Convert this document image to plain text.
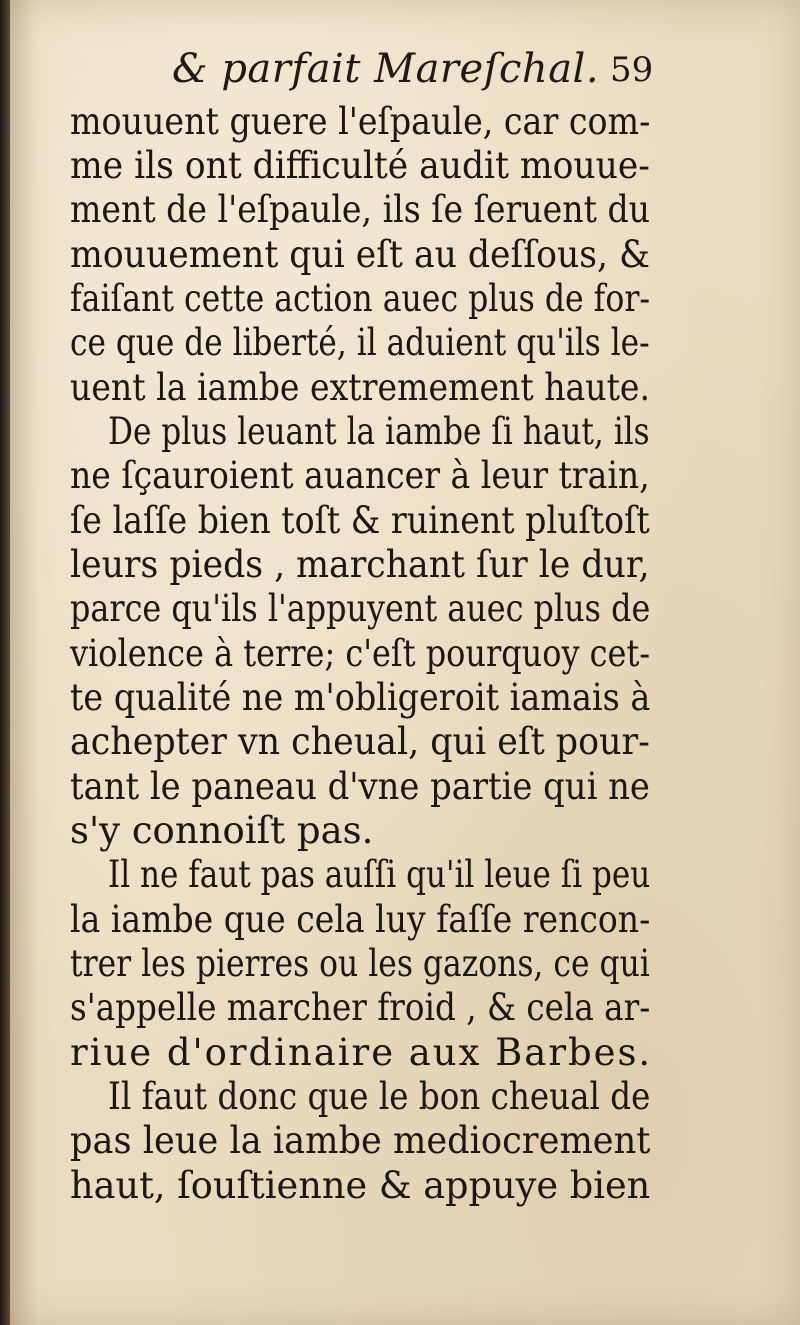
& parfait Mareſchal. 59
mouuent guere l'eſpaule, car com-
me ils ont difficulté audit mouue-
ment de l'eſpaule, ils ſe ſeruent du
mouuement qui eſt au deſſous, &
faiſant cette action auec plus de for-
ce que de liberté, il aduient qu'ils le-
uent la iambe extremement haute.
De plus leuant la iambe ſi haut, ils
ne ſçauroient auancer à leur train,
ſe laſſe bien toſt & ruinent pluſtoſt
leurs pieds , marchant ſur le dur,
parce qu'ils l'appuyent auec plus de
violence à terre; c'eſt pourquoy cet-
te qualité ne m'obligeroit iamais à
achepter vn cheual, qui eſt pour-
tant le paneau d'vne partie qui ne
s'y connoiſt pas.
Il ne faut pas auſſi qu'il leue ſi peu
la iambe que cela luy faſſe rencon-
trer les pierres ou les gazons, ce qui
s'appelle marcher froid , & cela ar-
riue d'ordinaire aux Barbes.
Il faut donc que le bon cheual de
pas leue la iambe mediocrement
haut, ſouſtienne & appuye bien
